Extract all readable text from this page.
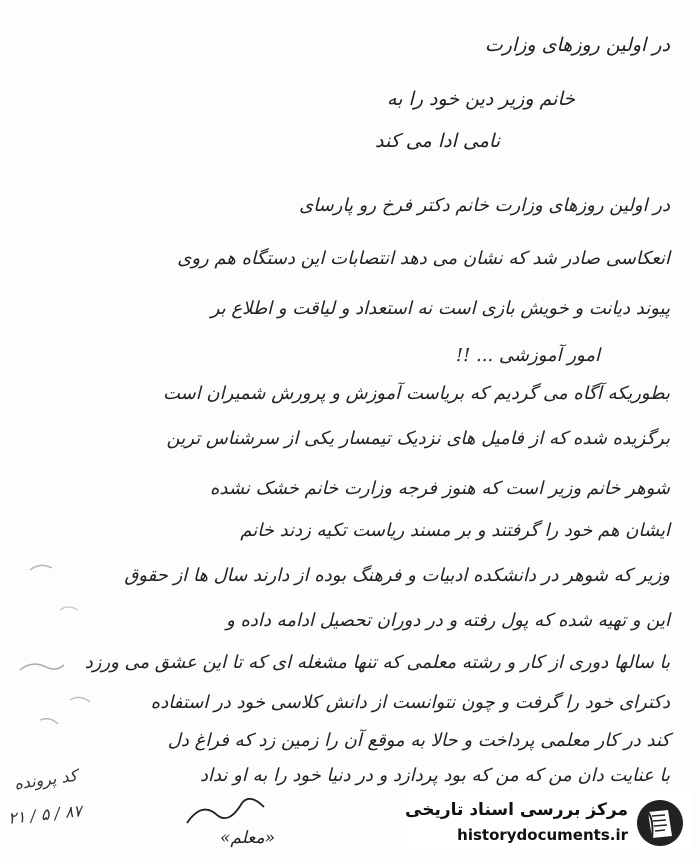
در اولین روزهای وزارت
خانم وزیر دین خود را به
نامی ادا می کند
در اولین روزهای وزارت خانم دکتر فرخ رو پارسای
انعکاسی صادر شد که نشان می دهد انتصابات این دستگاه هم روی
پیوند دیانت و خویش بازی است نه استعداد و لیاقت و اطلاع بر
امور آموزشی ... !!
بطوریکه آگاه می گردیم که بریاست آموزش و پرورش شمیران است
برگزیده شده که از فامیل های نزدیک تیمسار یکی از سرشناس ترین
شوهر خانم وزیر است که هنوز فرجه وزارت خانم خشک نشده
ایشان هم خود را گرفتند و بر مسند ریاست تکیه زدند خانم
وزیر که شوهر در دانشکده ادبیات و فرهنگ بوده از دارند سال ها از حقوق
این و تهیه شده که پول رفته و در دوران تحصیل ادامه داده و
با سالها دوری از کار و رشته معلمی که تنها مشغله ای که تا این عشق می ورزد
دکترای خود را گرفت و چون نتوانست از دانش کلاسی خود در استفاده
کند در کار معلمی پرداخت و حالا به موقع آن را زمین زد که فراغ دل
با عنایت دان من که من که بود پردازد و در دنیا خود را به او نداد
«معلم»
کد پرونده
۸۷ / ۵ / ۲۱	مرکز بررسی اسناد تاریخی
historydocuments.ir
